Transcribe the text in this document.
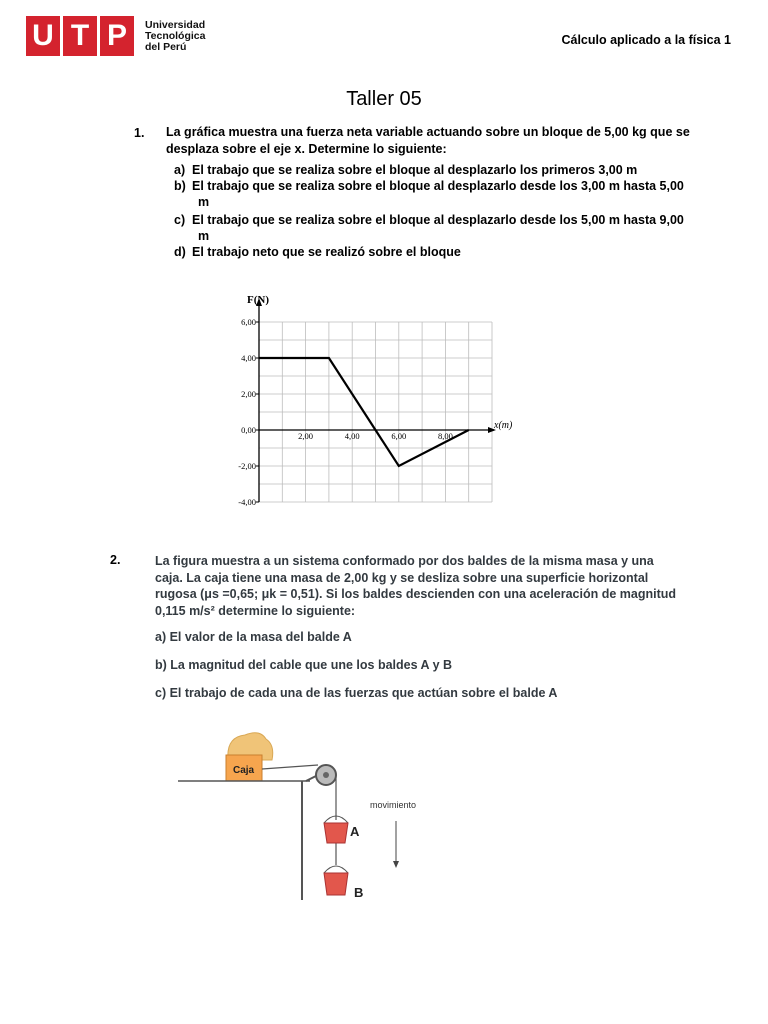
U T P	Universidad
Tecnológica
del Perú	Cálculo aplicado a la física 1
Taller 05
1. La gráfica muestra una fuerza neta variable actuando sobre un bloque de 5,00 kg que se
desplaza sobre el eje x. Determine lo siguiente:
a) El trabajo que se realiza sobre el bloque al desplazarlo los primeros 3,00 m
b) El trabajo que se realiza sobre el bloque al desplazarlo desde los 3,00 m hasta 5,00
m
c) El trabajo que se realiza sobre el bloque al desplazarlo desde los 5,00 m hasta 9,00
m
d) El trabajo neto que se realizó sobre el bloque
6,00
4,00
2,00
0,00
-2,00
-4,00
2,00	4,00	6,00	8,00
F(N)
x(m)
2.	La figura muestra a un sistema conformado por dos baldes de la misma masa y una
caja. La caja tiene una masa de 2,00 kg y se desliza sobre una superficie horizontal
rugosa (μs =0,65; μk = 0,51). Si los baldes descienden con una aceleración de magnitud
0,115 m/s² determine lo siguiente:
a) El valor de la masa del balde A
b) La magnitud del cable que une los baldes A y B
c) El trabajo de cada una de las fuerzas que actúan sobre el balde A
Caja
A
B
movimiento
